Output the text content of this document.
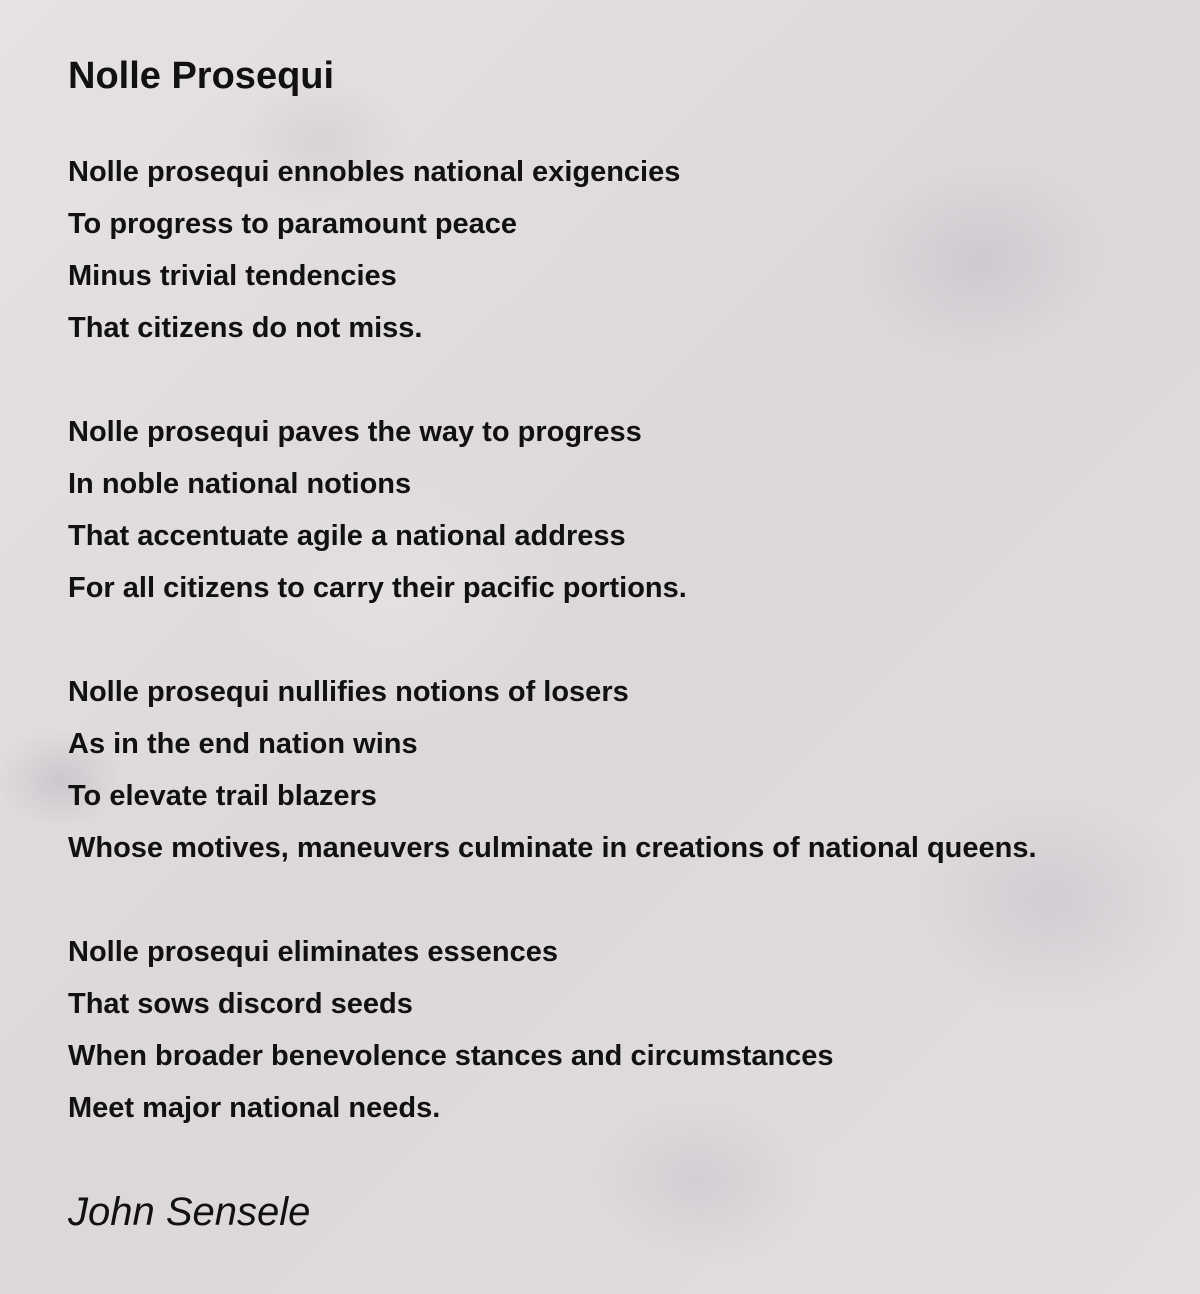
Nolle Prosequi
Nolle prosequi ennobles national exigencies
To progress to paramount peace
Minus trivial tendencies
That citizens do not miss.
Nolle prosequi paves the way to progress
In noble national notions
That accentuate agile a national address
For all citizens to carry their pacific portions.
Nolle prosequi nullifies notions of losers
As in the end nation wins
To elevate trail blazers
Whose motives, maneuvers culminate in creations of national queens.
Nolle prosequi eliminates essences
That sows discord seeds
When broader benevolence stances and circumstances
Meet major national needs.
John Sensele
